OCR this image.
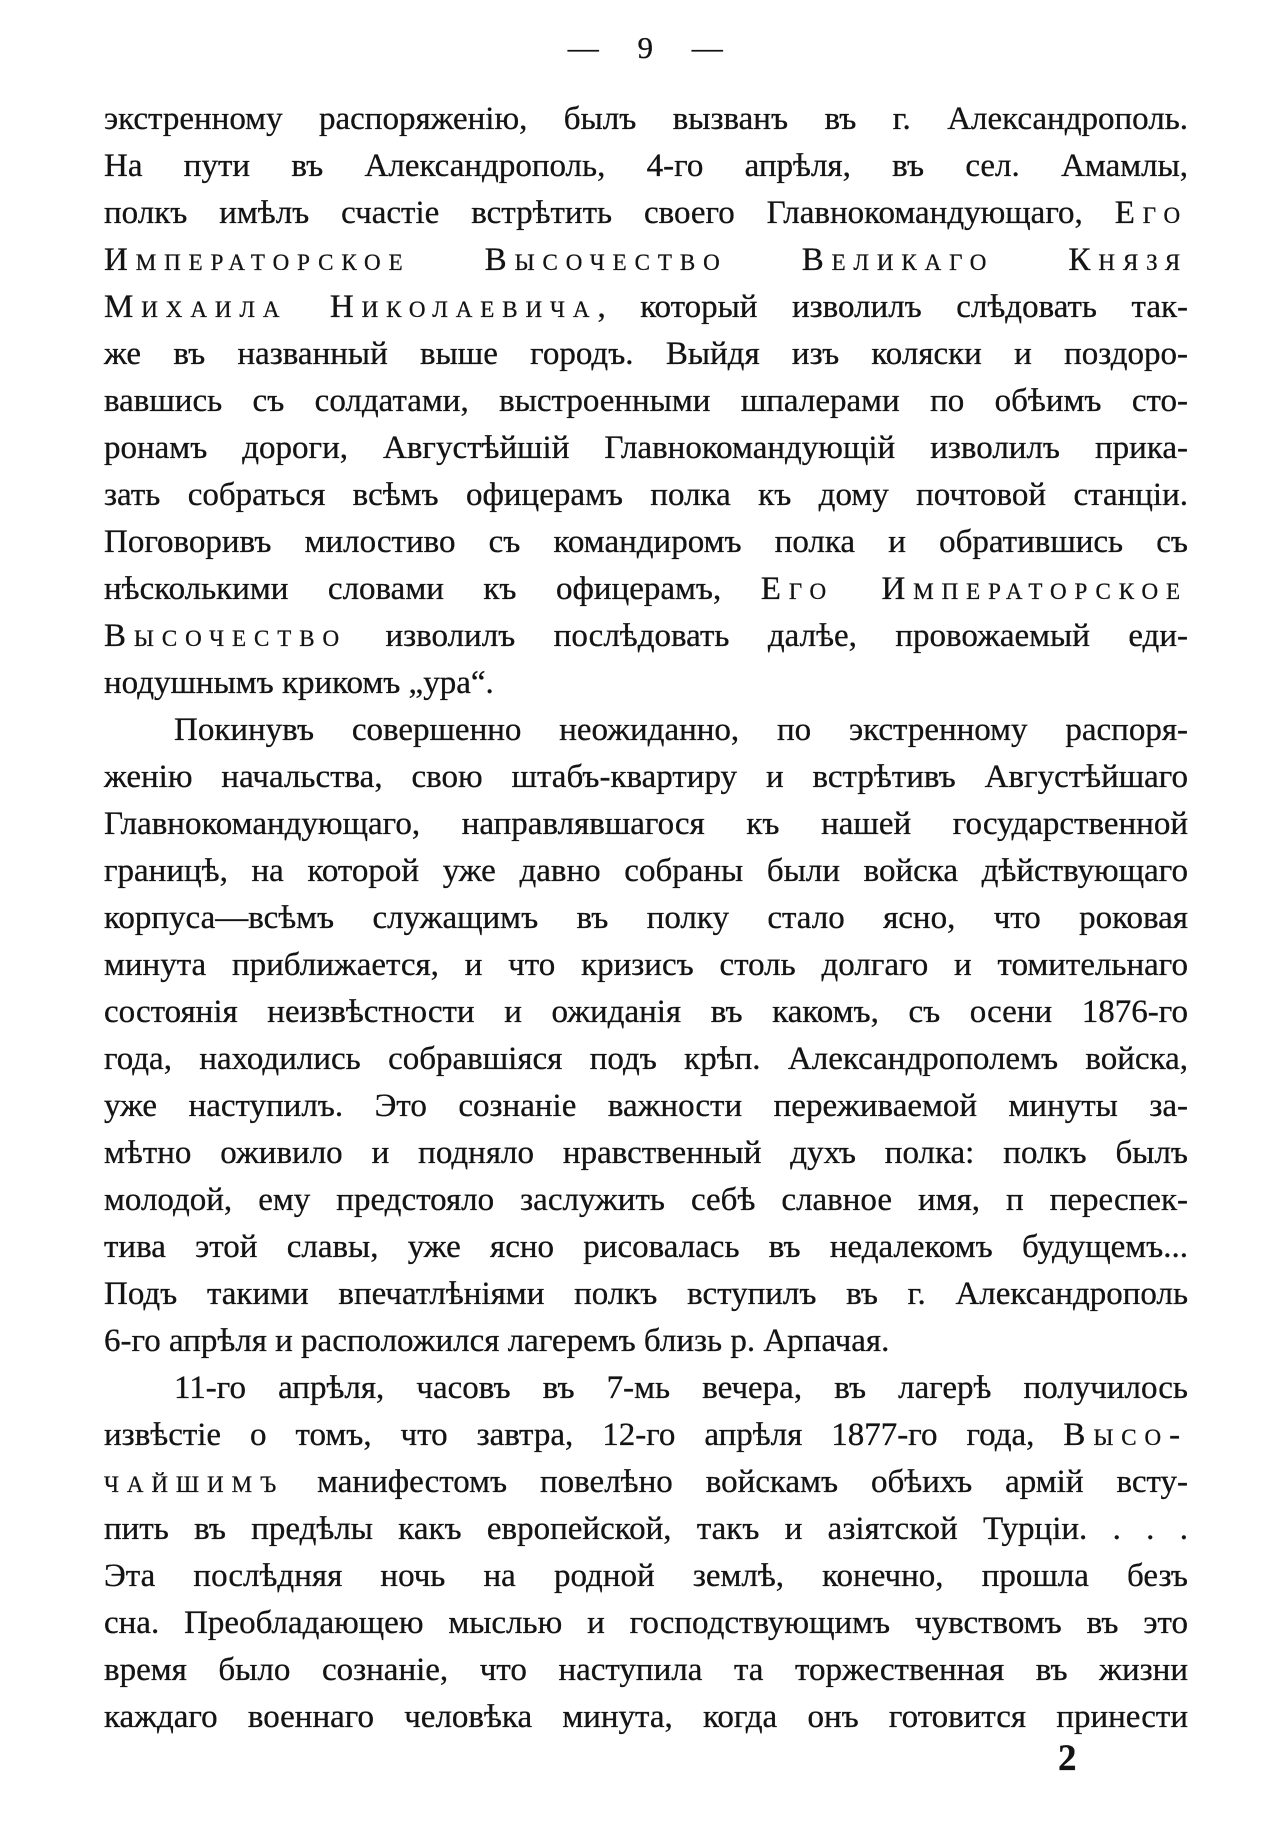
— 9 —
экстренному распоряженію, былъ вызванъ въ г. Александрополь.
На пути въ Александрополь, 4-го апрѣля, въ сел. Амамлы,
полкъ имѣлъ счастіе встрѣтить своего Главнокомандующаго, Его
Императорское Высочество Великаго Князя
Михаила Николаевича, который изволилъ слѣдовать так-
же въ названный выше городъ. Выйдя изъ коляски и поздоро-
вавшись съ солдатами, выстроенными шпалерами по обѣимъ сто-
ронамъ дороги, Августѣйшій Главнокомандующій изволилъ прика-
зать собраться всѣмъ офицерамъ полка къ дому почтовой станціи.
Поговоривъ милостиво съ командиромъ полка и обратившись съ
нѣсколькими словами къ офицерамъ, Его Императорское
Высочество изволилъ послѣдовать далѣе, провожаемый еди-
нодушнымъ крикомъ „ура“.
Покинувъ совершенно неожиданно, по экстренному распоря-
женію начальства, свою штабъ-квартиру и встрѣтивъ Августѣйшаго
Главнокомандующаго, направлявшагося къ нашей государственной
границѣ, на которой уже давно собраны были войска дѣйствующаго
корпуса—всѣмъ служащимъ въ полку стало ясно, что роковая
минута приближается, и что кризисъ столь долгаго и томительнаго
состоянія неизвѣстности и ожиданія въ какомъ, съ осени 1876-го
года, находились собравшіяся подъ крѣп. Александрополемъ войска,
уже наступилъ. Это сознаніе важности переживаемой минуты за-
мѣтно оживило и подняло нравственный духъ полка: полкъ былъ
молодой, ему предстояло заслужить себѣ славное имя, п переспек-
тива этой славы, уже ясно рисовалась въ недалекомъ будущемъ...
Подъ такими впечатлѣніями полкъ вступилъ въ г. Александрополь
6-го апрѣля и расположился лагеремъ близь р. Арпачая.
11-го апрѣля, часовъ въ 7-мь вечера, въ лагерѣ получилось
извѣстіе о томъ, что завтра, 12-го апрѣля 1877-го года, Высо-
чайшимъ манифестомъ повелѣно войскамъ обѣихъ армій всту-
пить въ предѣлы какъ европейской, такъ и азіятской Турціи. . . .
Эта послѣдняя ночь на родной землѣ, конечно, прошла безъ
сна. Преобладающею мыслью и господствующимъ чувствомъ въ это
время было сознаніе, что наступила та торжественная въ жизни
каждаго военнаго человѣка минута, когда онъ готовится принести
2
